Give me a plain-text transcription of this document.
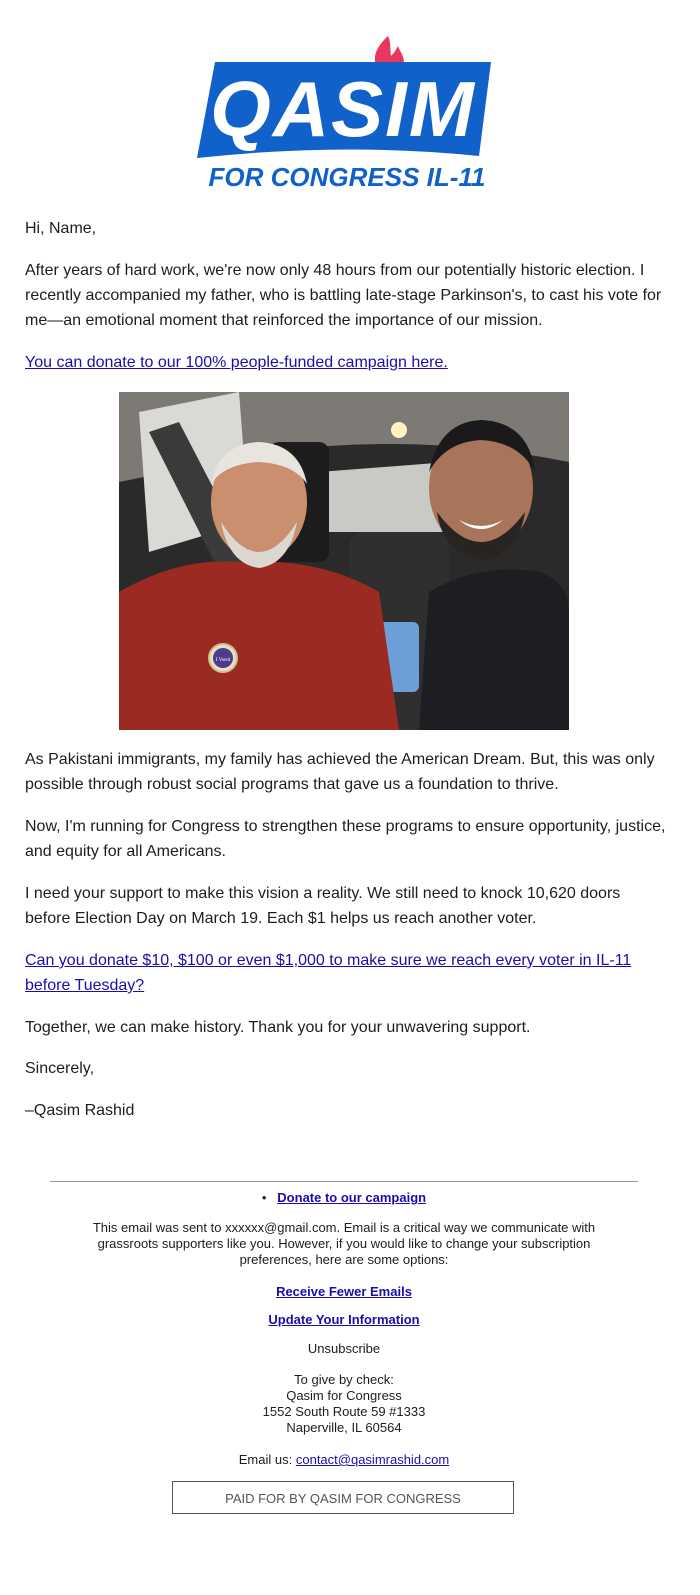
QASIM
FOR CONGRESS IL-11

Hi, Name,

After years of hard work, we're now only 48 hours from our potentially historic election. I recently accompanied my father, who is battling late-stage Parkinson's, to cast his vote for me—an emotional moment that reinforced the importance of our mission.

You can donate to our 100% people-funded campaign here.

I Voted

As Pakistani immigrants, my family has achieved the American Dream. But, this was only possible through robust social programs that gave us a foundation to thrive.

Now, I'm running for Congress to strengthen these programs to ensure opportunity, justice, and equity for all Americans.

I need your support to make this vision a reality. We still need to knock 10,620 doors before Election Day on March 19. Each $1 helps us reach another voter.

Can you donate $10, $100 or even $1,000 to make sure we reach every voter in IL-11 before Tuesday?

Together, we can make history. Thank you for your unwavering support.

Sincerely,

–Qasim Rashid

• Donate to our campaign
This email was sent to xxxxxx@gmail.com. Email is a critical way we communicate with grassroots supporters like you. However, if you would like to change your subscription preferences, here are some options:
Receive Fewer Emails
Update Your Information
Unsubscribe
To give by check:
Qasim for Congress
1552 South Route 59 #1333
Naperville, IL 60564
Email us: contact@qasimrashid.com
PAID FOR BY QASIM FOR CONGRESS
